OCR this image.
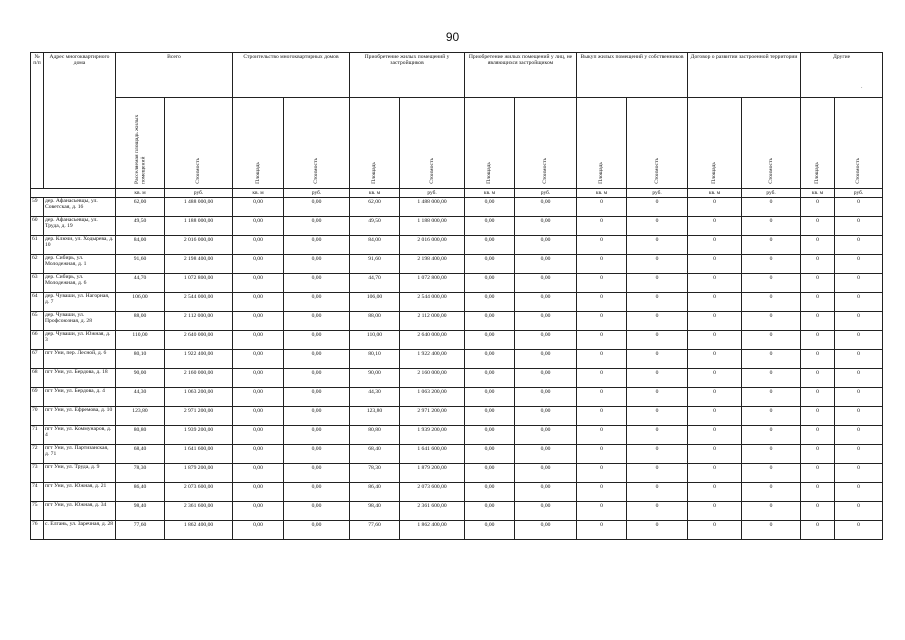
90
№
п/п	Адрес многоквартирного дома	Всего		Строительство многоквартирных домов		Приобретение жилых помещений у застройщиков		Приобретение жилых помещений у лиц, не являющихся застройщиком		Выкуп жилых помещений у собственников		Договор о развитии застроенной территории		Другие	

		Расселяемая площадь жилых помещений	Стоимость	Площадь	Стоимость	Площадь	Стоимость	Площадь	Стоимость	Площадь	Стоимость	Площадь	Стоимость	Площадь	Стоимость

		кв. м	руб.	кв. м	руб.	кв. м	руб.	кв. м	руб.	кв. м	руб.	кв. м	руб.	кв. м	руб.
59	дер. Афанасьевцы, ул. Советская, д. 16	62,00	1 488 000,00	0,00	0,00	62,00	1 488 000,00	0,00	0,00	0	0	0	0	0	0
60	дер. Афанасьевцы, ул. Труда, д. 19	49,50	1 188 000,00	0,00	0,00	49,50	1 188 000,00	0,00	0,00	0	0	0	0	0	0
61	дер. Ключи, ул. Ходырева, д. 10	84,00	2 016 000,00	0,00	0,00	84,00	2 016 000,00	0,00	0,00	0	0	0	0	0	0
62	дер. Сибирь, ул. Молодежная, д. 1	91,60	2 198 400,00	0,00	0,00	91,60	2 198 400,00	0,00	0,00	0	0	0	0	0	0
63	дер. Сибирь, ул. Молодежная, д. 6	44,70	1 072 800,00	0,00	0,00	44,70	1 072 800,00	0,00	0,00	0	0	0	0	0	0
64	дер. Чуваши, ул. Нагорная, д. 7	106,00	2 544 000,00	0,00	0,00	106,00	2 544 000,00	0,00	0,00	0	0	0	0	0	0
65	дер. Чуваши, ул. Профсоюзная, д. 28	88,00	2 112 000,00	0,00	0,00	88,00	2 112 000,00	0,00	0,00	0	0	0	0	0	0
66	дер. Чуваши, ул. Южная, д. 3	110,00	2 640 000,00	0,00	0,00	110,00	2 640 000,00	0,00	0,00	0	0	0	0	0	0
67	пгт Уни, пер. Лесной, д. 6	80,10	1 922 400,00	0,00	0,00	80,10	1 922 400,00	0,00	0,00	0	0	0	0	0	0
68	пгт Уни, ул. Бердова, д. 18	90,00	2 160 000,00	0,00	0,00	90,00	2 160 000,00	0,00	0,00	0	0	0	0	0	0
69	пгт Уни, ул. Бердова, д. 4	44,30	1 063 200,00	0,00	0,00	44,30	1 063 200,00	0,00	0,00	0	0	0	0	0	0
70	пгт Уни, ул. Ефремова, д. 10	123,80	2 971 200,00	0,00	0,00	123,80	2 971 200,00	0,00	0,00	0	0	0	0	0	0
71	пгт Уни, ул. Коммунаров, д. 4	80,80	1 939 200,00	0,00	0,00	80,80	1 939 200,00	0,00	0,00	0	0	0	0	0	0
72	пгт Уни, ул. Партизанская, д. 71	68,40	1 641 600,00	0,00	0,00	68,40	1 641 600,00	0,00	0,00	0	0	0	0	0	0
73	пгт Уни, ул. Труда, д. 9	78,30	1 879 200,00	0,00	0,00	78,30	1 879 200,00	0,00	0,00	0	0	0	0	0	0
74	пгт Уни, ул. Южная, д. 21	86,40	2 073 600,00	0,00	0,00	86,40	2 073 600,00	0,00	0,00	0	0	0	0	0	0
75	пгт Уни, ул. Южная, д. 34	98,40	2 361 600,00	0,00	0,00	98,40	2 361 600,00	0,00	0,00	0	0	0	0	0	0
76	с. Елгань, ул. Заречная, д. 28	77,60	1 862 400,00	0,00	0,00	77,60	1 862 400,00	0,00	0,00	0	0	0	0	0	0
.
